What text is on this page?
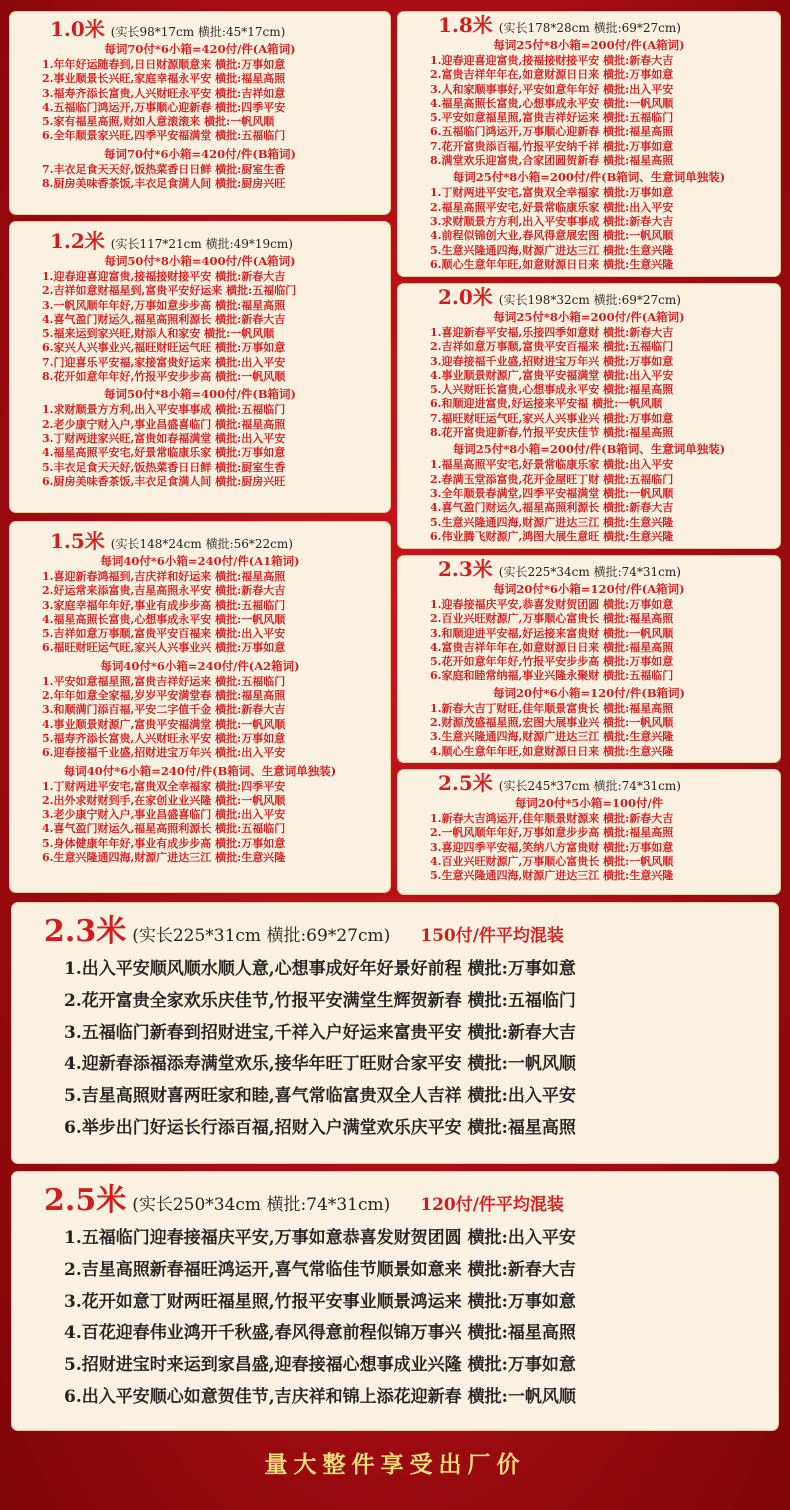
1.0米 (实长98*17cm 横批:45*17cm)
每词70付*6小箱=420付/件(A箱词)
1.年年好运随春到,日日财源顺意来 横批:万事如意
2.事业顺景长兴旺,家庭幸福永平安 横批:福星高照
3.福寿齐添长富贵,人兴财旺永平安 横批:吉祥如意
4.五福临门鸿运开,万事顺心迎新春 横批:四季平安
5.家有福星高照,财如人意滚滚来 横批:一帆风顺
6.全年顺景家兴旺,四季平安福满堂 横批:五福临门
每词70付*6小箱=420付/件(B箱词)
7.丰衣足食天天好,饭热菜香日日鲜 横批:厨室生香
8.厨房美味香茶饭,丰衣足食满人间 横批:厨房兴旺
1.2米 (实长117*21cm 横批:49*19cm)
每词50付*8小箱=400付/件(A箱词)
1.迎春迎喜迎富贵,接福接财接平安 横批:新春大吉
2.吉祥如意财福星到,富贵平安好运来 横批:五福临门
3.一帆风顺年年好,万事如意步步高 横批:福星高照
4.喜气盈门财运久,福星高照利源长 横批:新春大吉
5.福来运到家兴旺,财添人和家安 横批:一帆风顺
6.家兴人兴事业兴,福旺财旺运气旺 横批:万事如意
7.门迎喜乐平安福,家接富贵好运来 横批:出入平安
8.花开如意年年好,竹报平安步步高 横批:一帆风顺
每词50付*8小箱=400付/件(B箱词)
1.求财顺景方方利,出入平安事事成 横批:五福临门
2.老少康宁财入户,事业昌盛喜临门 横批:福星高照
3.丁财两进家兴旺,富贵如春福满堂 横批:出入平安
4.福星高照平安宅,好景常临康乐家 横批:万事如意
5.丰衣足食天天好,饭热菜香日日鲜 横批:厨室生香
6.厨房美味香茶饭,丰衣足食满人间 横批:厨房兴旺
1.5米 (实长148*24cm 横批:56*22cm)
每词40付*6小箱=240付/件(A1箱词)
1.喜迎新春鸿福到,吉庆祥和好运来 横批:福星高照
2.好运常来添富贵,吉星高照永平安 横批:新春大吉
3.家庭幸福年年好,事业有成步步高 横批:五福临门
4.福星高照长富贵,心想事成永平安 横批:一帆风顺
5.吉祥如意万事顺,富贵平安百福来 横批:出入平安
6.福旺财旺运气旺,家兴人兴事业兴 横批:万事如意
每词40付*6小箱=240付/件(A2箱词)
1.平安如意福星照,富贵吉祥好运来 横批:五福临门
2.年年如意全家福,岁岁平安满堂春 横批:福星高照
3.和顺满门添百福,平安二字值千金 横批:新春大吉
4.事业顺景财源广,富贵平安福满堂 横批:一帆风顺
5.福寿齐添长富贵,人兴财旺永平安 横批:万事如意
6.迎春接福千业盛,招财进宝万年兴 横批:出入平安
每词40付*6小箱=240付/件(B箱词、生意词单独装)
1.丁财两进平安宅,富贵双全幸福家 横批:四季平安
2.出外求财财到手,在家创业业兴隆 横批:一帆风顺
3.老少康宁财入户,事业昌盛喜临门 横批:出入平安
4.喜气盈门财运久,福星高照利源长 横批:五福临门
5.身体健康年年好,事业有成步步高 横批:万事如意
6.生意兴隆通四海,财源广进达三江 横批:生意兴隆
1.8米 (实长178*28cm 横批:69*27cm)
每词25付*8小箱=200付/件(A箱词)
1.迎春迎喜迎富贵,接福接财接平安 横批:新春大吉
2.富贵吉祥年年在,如意财源日日来 横批:万事如意
3.人和家顺事事好,平安如意年年好 横批:出入平安
4.福星高照长富贵,心想事成永平安 横批:一帆风顺
5.平安如意福星照,富贵吉祥好运来 横批:五福临门
6.五福临门鸿运开,万事顺心迎新春 横批:福星高照
7.花开富贵添百福,竹报平安纳千祥 横批:万事如意
8.满堂欢乐迎富贵,合家团圆贺新春 横批:福星高照
每词25付*8小箱=200付/件(B箱词、生意词单独装)
1.丁财两进平安宅,富贵双全幸福家 横批:万事如意
2.福星高照平安宅,好景常临康乐家 横批:出入平安
3.求财顺景方方利,出入平安事事成 横批:新春大吉
4.前程似锦创大业,春风得意展宏图 横批:一帆风顺
5.生意兴隆通四海,财源广进达三江 横批:生意兴隆
6.顺心生意年年旺,如意财源日日来 横批:生意兴隆
2.0米 (实长198*32cm 横批:69*27cm)
每词25付*8小箱=200付/件(A箱词)
1.喜迎新春平安福,乐接四季如意财 横批:新春大吉
2.吉祥如意万事顺,富贵平安百福来 横批:五福临门
3.迎春接福千业盛,招财进宝万年兴 横批:万事如意
4.事业顺景财源广,富贵平安福满堂 横批:出入平安
5.人兴财旺长富贵,心想事成永平安 横批:福星高照
6.和顺迎进富贵,好运接来平安福 横批:一帆风顺
7.福旺财旺运气旺,家兴人兴事业兴 横批:万事如意
8.花开富贵迎新春,竹报平安庆佳节 横批:福星高照
每词25付*8小箱=200付/件(B箱词、生意词单独装)
1.福星高照平安宅,好景常临康乐家 横批:出入平安
2.春满玉堂添富贵,花开金屋旺丁财 横批:五福临门
3.全年顺景春满堂,四季平安福满堂 横批:一帆风顺
4.喜气盈门财运久,福星高照利源长 横批:新春大吉
5.生意兴隆通四海,财源广进达三江 横批:生意兴隆
6.伟业腾飞财源广,鸿图大展生意旺 横批:生意兴隆
2.3米 (实长225*34cm 横批:74*31cm)
每词20付*6小箱=120付/件(A箱词)
1.迎春接福庆平安,恭喜发财贺团圆 横批:万事如意
2.百业兴旺财源广,万事顺心富贵长 横批:福星高照
3.和顺迎进平安福,好运接来富贵财 横批:一帆风顺
4.富贵吉祥年年在,如意财源日日来 横批:福星高照
5.花开如意年年好,竹报平安步步高 横批:万事如意
6.家庭和睦常纳福,事业兴隆永聚财 横批:五福临门
每词20付*6小箱=120付/件(B箱词)
1.新春大吉丁财旺,佳年顺景富贵长 横批:福星高照
2.财源茂盛福星照,宏图大展事业兴 横批:一帆风顺
3.生意兴隆通四海,财源广进达三江 横批:生意兴隆
4.顺心生意年年旺,如意财源日日来 横批:生意兴隆
2.5米 (实长245*37cm 横批:74*31cm)
每词20付*5小箱=100付/件
1.新春大吉鸿运开,佳年顺景财源来 横批:新春大吉
2.一帆风顺年年好,万事如意步步高 横批:福星高照
3.喜迎四季平安福,笑纳八方富贵财 横批:万事如意
4.百业兴旺财源广,万事顺心富贵长 横批:一帆风顺
5.生意兴隆通四海,财源广进达三江 横批:生意兴隆
2.3米 (实长225*31cm 横批:69*27cm) 150付/件平均混装
1.出入平安顺风顺水顺人意,心想事成好年好景好前程 横批:万事如意
2.花开富贵全家欢乐庆佳节,竹报平安满堂生辉贺新春 横批:五福临门
3.五福临门新春到招财进宝,千祥入户好运来富贵平安 横批:新春大吉
4.迎新春添福添寿满堂欢乐,接华年旺丁旺财合家平安 横批:一帆风顺
5.吉星高照财喜两旺家和睦,喜气常临富贵双全人吉祥 横批:出入平安
6.举步出门好运长行添百福,招财入户满堂欢乐庆平安 横批:福星高照
2.5米 (实长250*34cm 横批:74*31cm) 120付/件平均混装
1.五福临门迎春接福庆平安,万事如意恭喜发财贺团圆 横批:出入平安
2.吉星高照新春福旺鸿运开,喜气常临佳节顺景如意来 横批:新春大吉
3.花开如意丁财两旺福星照,竹报平安事业顺景鸿运来 横批:万事如意
4.百花迎春伟业鸿开千秋盛,春风得意前程似锦万事兴 横批:福星高照
5.招财进宝时来运到家昌盛,迎春接福心想事成业兴隆 横批:万事如意
6.出入平安顺心如意贺佳节,吉庆祥和锦上添花迎新春 横批:一帆风顺
量大整件享受出厂价
